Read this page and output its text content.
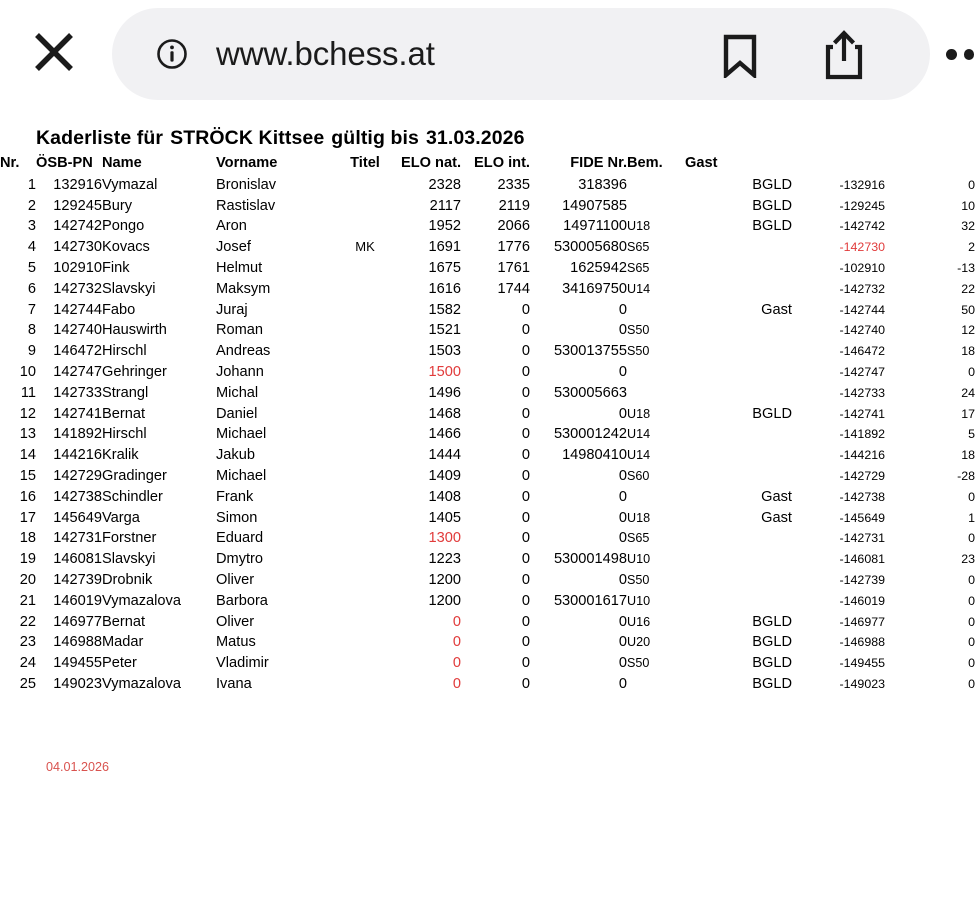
www.bchess.at
Kaderliste für STRÖCK Kittsee gültig bis 31.03.2026
Nr.	ÖSB-PN	Name	Vorname	Titel	ELO nat.	ELO int.	FIDE Nr.	Bem.	Gast		
1	132916	Vymazal	Bronislav		2328	2335	318396		BGLD	-132916	0
2	129245	Bury	Rastislav		2117	2119	14907585		BGLD	-129245	10
3	142742	Pongo	Aron		1952	2066	14971100	U18	BGLD	-142742	32
4	142730	Kovacs	Josef	MK	1691	1776	530005680	S65		-142730	2
5	102910	Fink	Helmut		1675	1761	1625942	S65		-102910	-13
6	142732	Slavskyi	Maksym		1616	1744	34169750	U14		-142732	22
7	142744	Fabo	Juraj		1582	0	0		Gast	-142744	50
8	142740	Hauswirth	Roman		1521	0	0	S50		-142740	12
9	146472	Hirschl	Andreas		1503	0	530013755	S50		-146472	18
10	142747	Gehringer	Johann		1500	0	0			-142747	0
11	142733	Strangl	Michal		1496	0	530005663			-142733	24
12	142741	Bernat	Daniel		1468	0	0	U18	BGLD	-142741	17
13	141892	Hirschl	Michael		1466	0	530001242	U14		-141892	5
14	144216	Kralik	Jakub		1444	0	14980410	U14		-144216	18
15	142729	Gradinger	Michael		1409	0	0	S60		-142729	-28
16	142738	Schindler	Frank		1408	0	0		Gast	-142738	0
17	145649	Varga	Simon		1405	0	0	U18	Gast	-145649	1
18	142731	Forstner	Eduard		1300	0	0	S65		-142731	0
19	146081	Slavskyi	Dmytro		1223	0	530001498	U10		-146081	23
20	142739	Drobnik	Oliver		1200	0	0	S50		-142739	0
21	146019	Vymazalova	Barbora		1200	0	530001617	U10		-146019	0
22	146977	Bernat	Oliver		0	0	0	U16	BGLD	-146977	0
23	146988	Madar	Matus		0	0	0	U20	BGLD	-146988	0
24	149455	Peter	Vladimir		0	0	0	S50	BGLD	-149455	0
25	149023	Vymazalova	Ivana		0	0	0		BGLD	-149023	0
04.01.2026
